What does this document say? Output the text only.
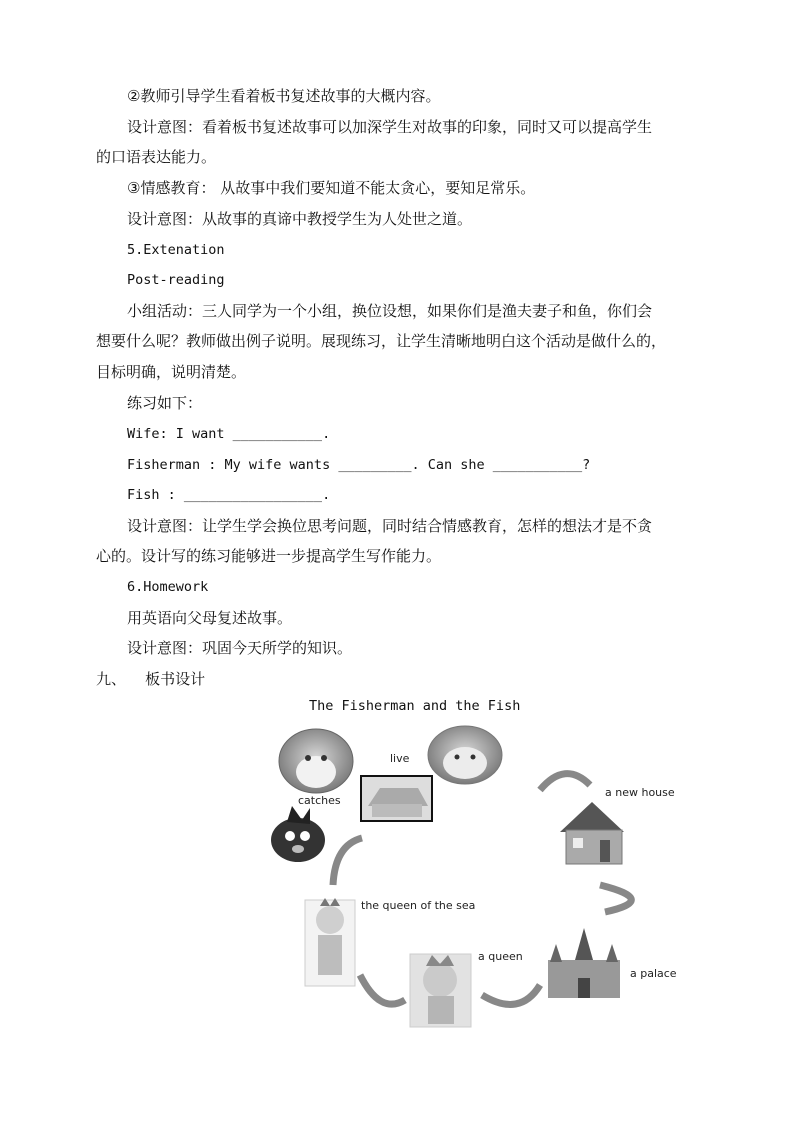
②教师引导学生看着板书复述故事的大概内容。
设计意图：看着板书复述故事可以加深学生对故事的印象，同时又可以提高学生
的口语表达能力。
③情感教育： 从故事中我们要知道不能太贪心，要知足常乐。
设计意图：从故事的真谛中教授学生为人处世之道。
5.Extenation
Post-reading
小组活动：三人同学为一个小组，换位设想，如果你们是渔夫妻子和鱼，你们会
想要什么呢？教师做出例子说明。展现练习，让学生清晰地明白这个活动是做什么的，
目标明确，说明清楚。
练习如下：
Wife: I want ___________.
Fisherman : My wife wants _________. Can she ___________?
Fish : _________________.
设计意图：让学生学会换位思考问题，同时结合情感教育，怎样的想法才是不贪
心的。设计写的练习能够进一步提高学生写作能力。
6.Homework
用英语向父母复述故事。
设计意图：巩固今天所学的知识。
九、    板书设计
The Fisherman and the Fish
live
catches
a new house
the queen of the sea
a queen
a palace
